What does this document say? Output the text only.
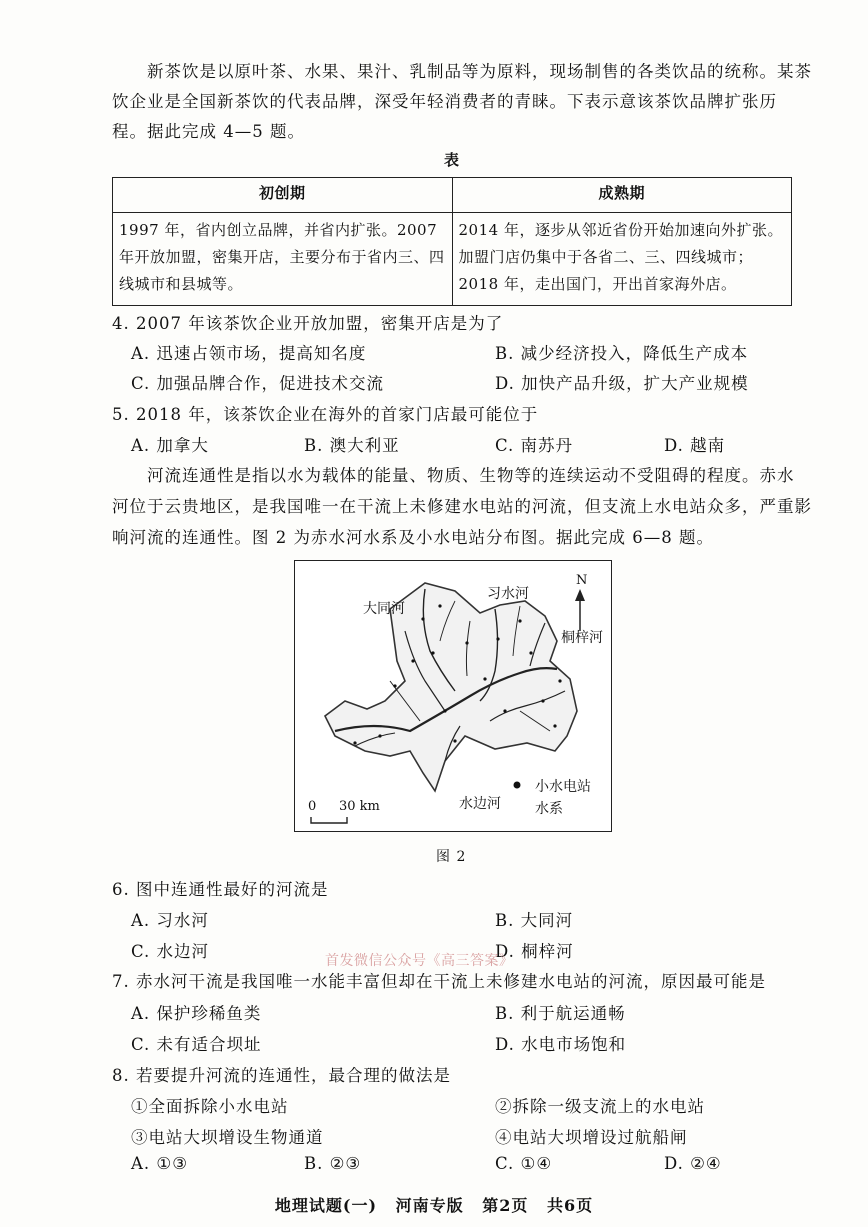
新茶饮是以原叶茶、水果、果汁、乳制品等为原料，现场制售的各类饮品的统称。某茶
饮企业是全国新茶饮的代表品牌，深受年轻消费者的青睐。下表示意该茶饮品牌扩张历
程。据此完成 4—5 题。
表
初创期	成熟期
1997 年，省内创立品牌，并省内扩张。2007 年开放加盟，密集开店，主要分布于省内三、四线城市和县城等。	2014 年，逐步从邻近省份开始加速向外扩张。加盟门店仍集中于各省二、三、四线城市；2018 年，走出国门，开出首家海外店。
4. 2007 年该茶饮企业开放加盟，密集开店是为了
A. 迅速占领市场，提高知名度	B. 减少经济投入，降低生产成本
C. 加强品牌合作，促进技术交流	D. 加快产品升级，扩大产业规模
5. 2018 年，该茶饮企业在海外的首家门店最可能位于
A. 加拿大	B. 澳大利亚	C. 南苏丹	D. 越南
河流连通性是指以水为载体的能量、物质、生物等的连续运动不受阻碍的程度。赤水
河位于云贵地区，是我国唯一在干流上未修建水电站的河流，但支流上水电站众多，严重影
响河流的连通性。图 2 为赤水河水系及小水电站分布图。据此完成 6—8 题。
习水河
大同河
桐梓河
水边河
N
0 30 km
小水电站
水系
图 2
6. 图中连通性最好的河流是
A. 习水河	B. 大同河
C. 水边河	D. 桐梓河
首发微信公众号《高三答案》
7. 赤水河干流是我国唯一水能丰富但却在干流上未修建水电站的河流，原因最可能是
A. 保护珍稀鱼类	B. 利于航运通畅
C. 未有适合坝址	D. 水电市场饱和
8. 若要提升河流的连通性，最合理的做法是
①全面拆除小水电站	②拆除一级支流上的水电站
③电站大坝增设生物通道	④电站大坝增设过航船闸
A. ①③	B. ②③	C. ①④	D. ②④
地理试题(一) 河南专版 第2页 共6页
